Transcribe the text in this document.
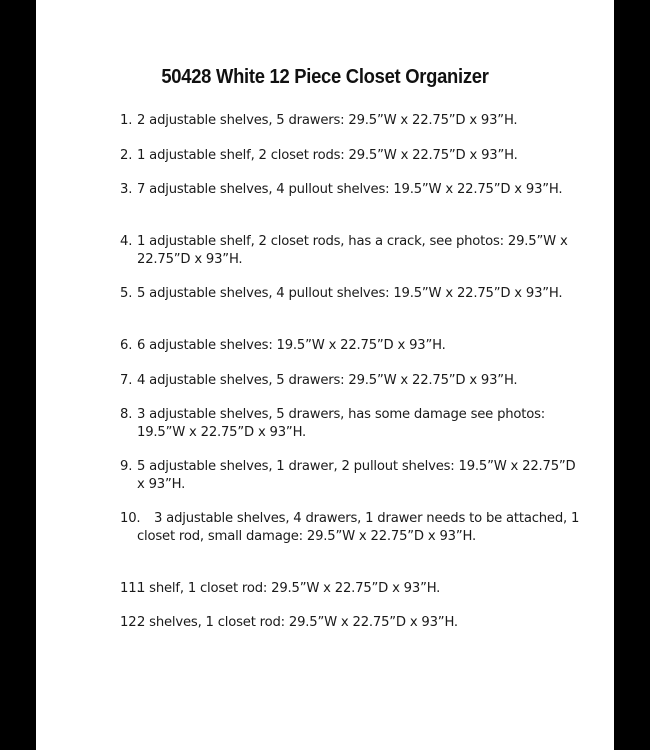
50428 White 12 Piece Closet Organizer
1. 2 adjustable shelves, 5 drawers: 29.5”W x 22.75”D x 93”H.
2. 1 adjustable shelf, 2 closet rods: 29.5”W x 22.75”D x 93”H.
3. 7 adjustable shelves, 4 pullout shelves: 19.5”W x 22.75”D x 93”H.
4. 1 adjustable shelf, 2 closet rods, has a crack, see photos: 29.5”W x 22.75”D x 93”H.
5. 5 adjustable shelves, 4 pullout shelves: 19.5”W x 22.75”D x 93”H.
6. 6 adjustable shelves: 19.5”W x 22.75”D x 93”H.
7. 4 adjustable shelves, 5 drawers: 29.5”W x 22.75”D x 93”H.
8. 3 adjustable shelves, 5 drawers, has some damage see photos: 19.5”W x 22.75”D x 93”H.
9. 5 adjustable shelves, 1 drawer, 2 pullout shelves: 19.5”W x 22.75”D x 93”H.
10.	3 adjustable shelves, 4 drawers, 1 drawer needs to be attached, 1 closet rod, small damage: 29.5”W x 22.75”D x 93”H.
11.
1 shelf, 1 closet rod: 29.5”W x 22.75”D x 93”H.
12.
2 shelves, 1 closet rod: 29.5”W x 22.75”D x 93”H.
